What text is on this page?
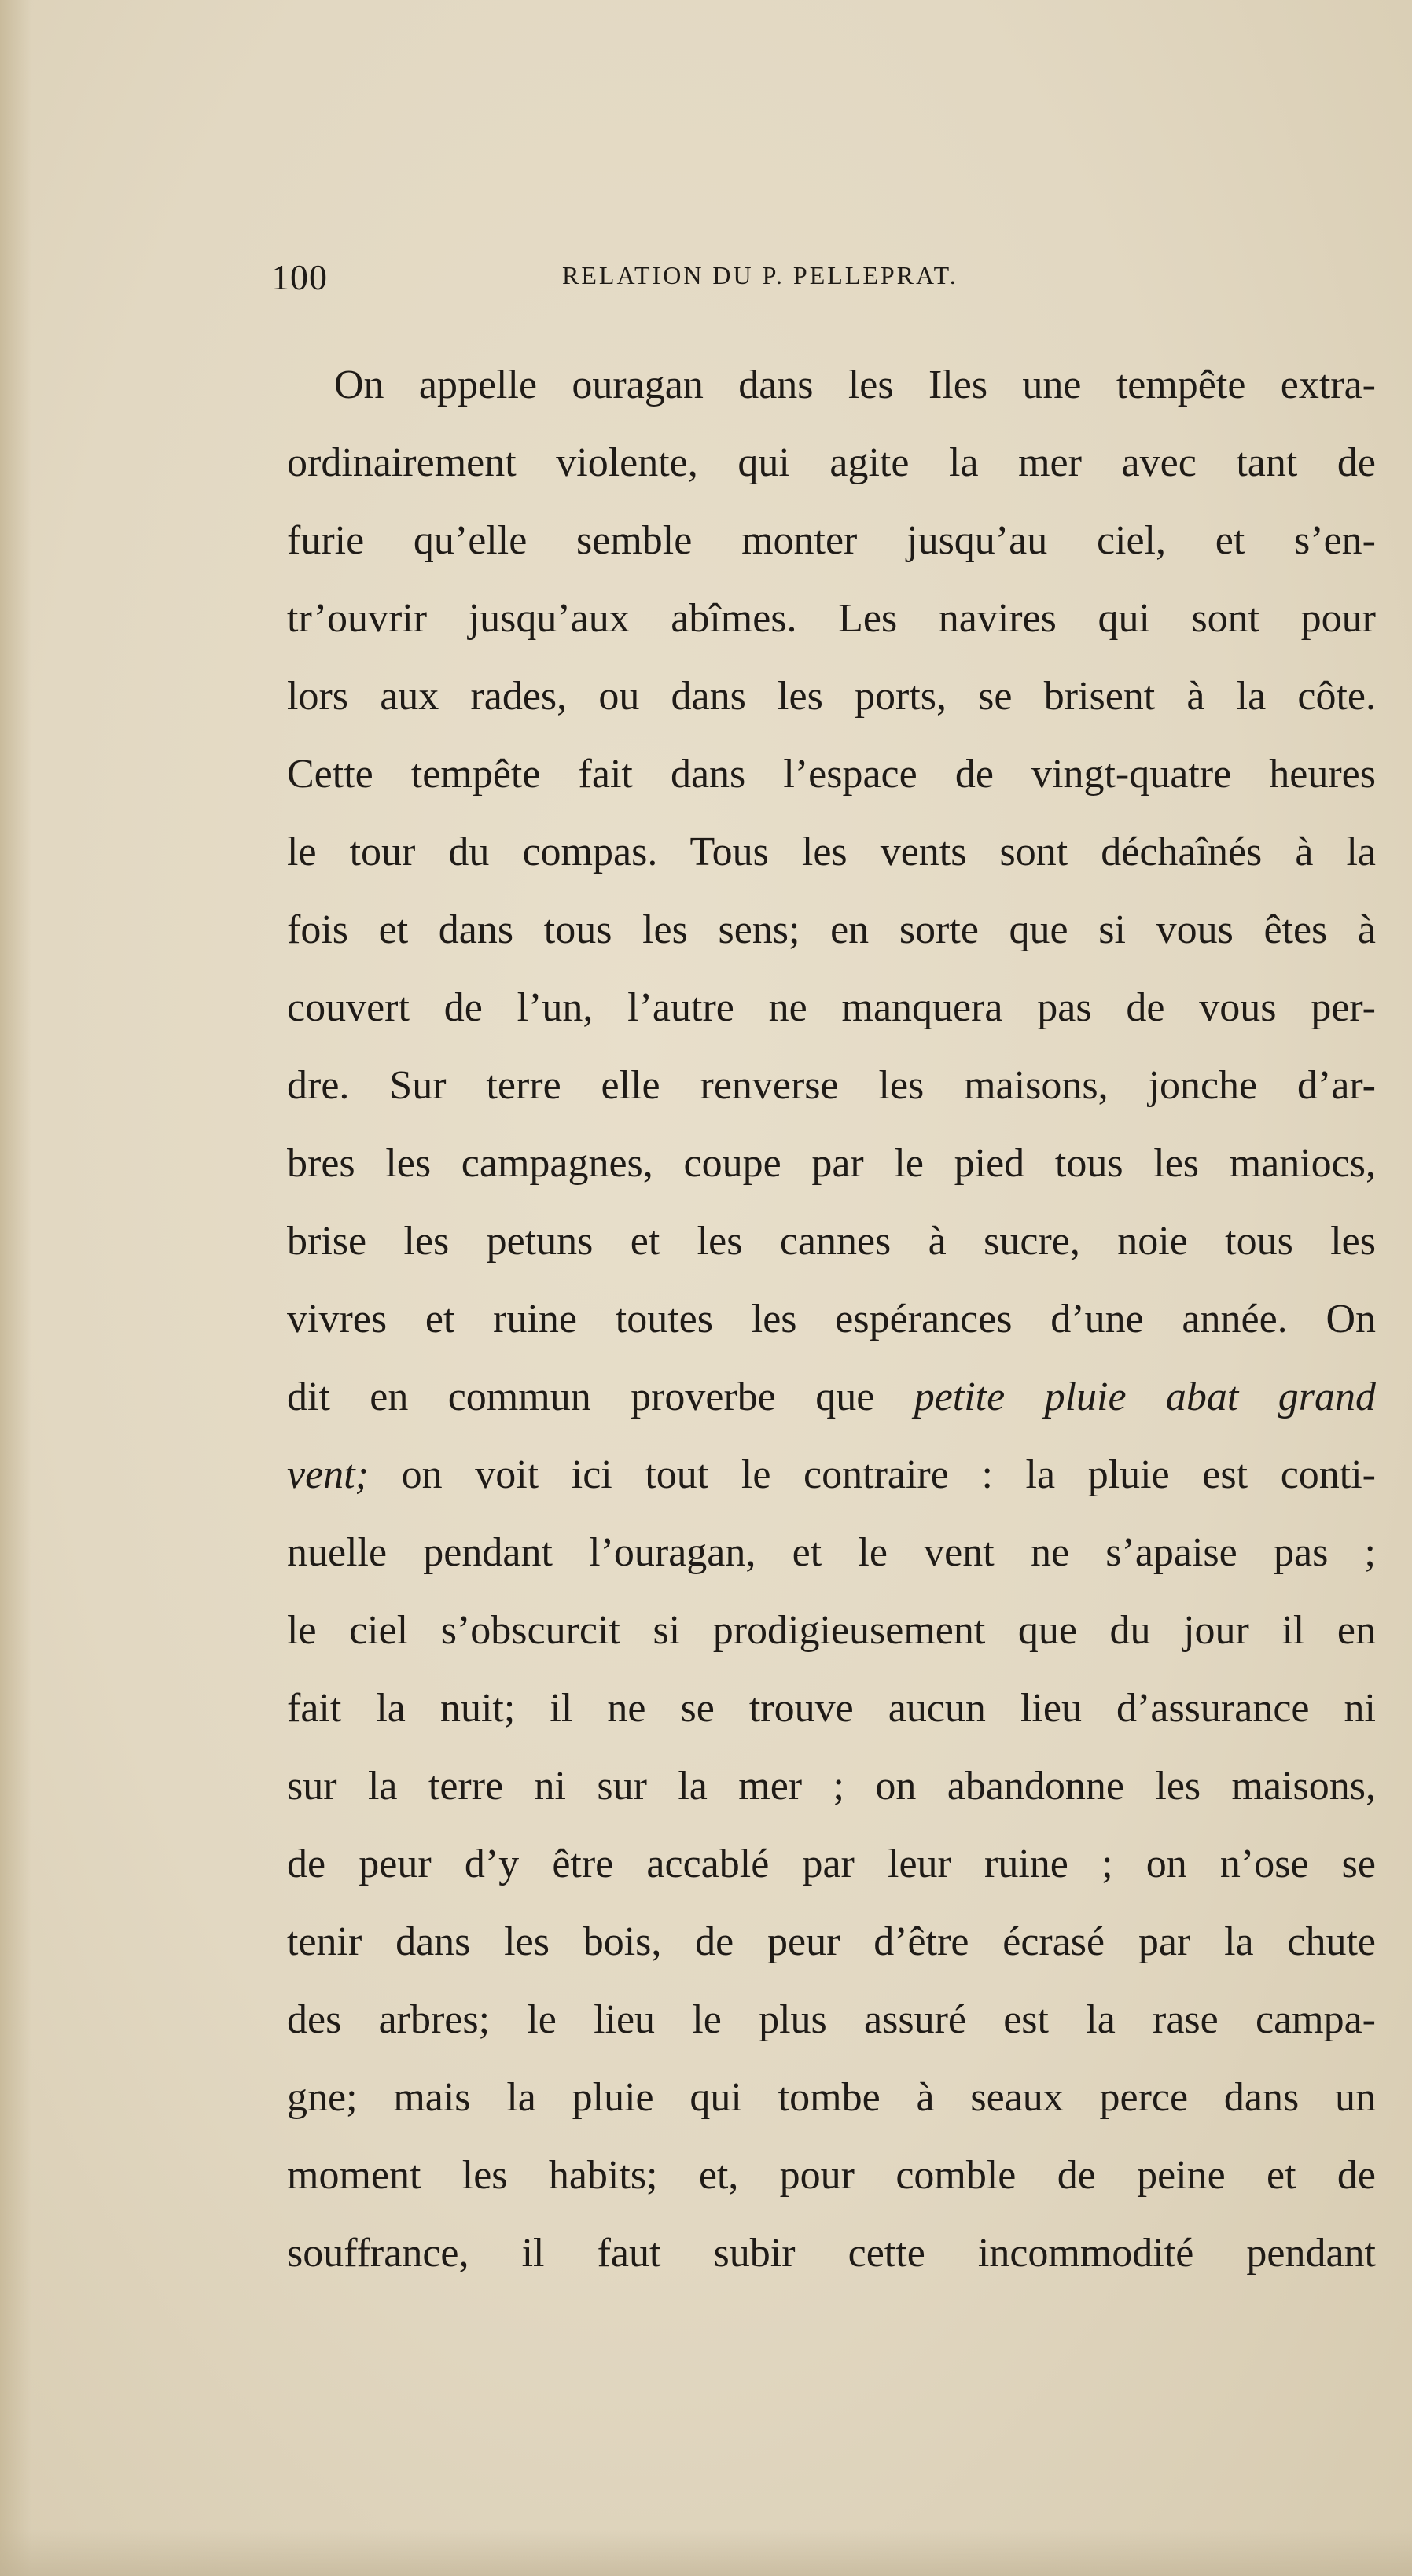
100	RELATION DU P. PELLEPRAT.
On appelle ouragan dans les Iles une tempête extra-
ordinairement violente, qui agite la mer avec tant de
furie qu’elle semble monter jusqu’au ciel, et s’en-
tr’ouvrir jusqu’aux abîmes. Les navires qui sont pour
lors aux rades, ou dans les ports, se brisent à la côte.
Cette tempête fait dans l’espace de vingt-quatre heures
le tour du compas. Tous les vents sont déchaînés à la
fois et dans tous les sens; en sorte que si vous êtes à
couvert de l’un, l’autre ne manquera pas de vous per-
dre. Sur terre elle renverse les maisons, jonche d’ar-
bres les campagnes, coupe par le pied tous les maniocs,
brise les petuns et les cannes à sucre, noie tous les
vivres et ruine toutes les espérances d’une année. On
dit en commun proverbe que petite pluie abat grand
vent; on voit ici tout le contraire : la pluie est conti-
nuelle pendant l’ouragan, et le vent ne s’apaise pas ;
le ciel s’obscurcit si prodigieusement que du jour il en
fait la nuit; il ne se trouve aucun lieu d’assurance ni
sur la terre ni sur la mer ; on abandonne les maisons,
de peur d’y être accablé par leur ruine ; on n’ose se
tenir dans les bois, de peur d’être écrasé par la chute
des arbres; le lieu le plus assuré est la rase campa-
gne; mais la pluie qui tombe à seaux perce dans un
moment les habits; et, pour comble de peine et de
souffrance, il faut subir cette incommodité pendant
